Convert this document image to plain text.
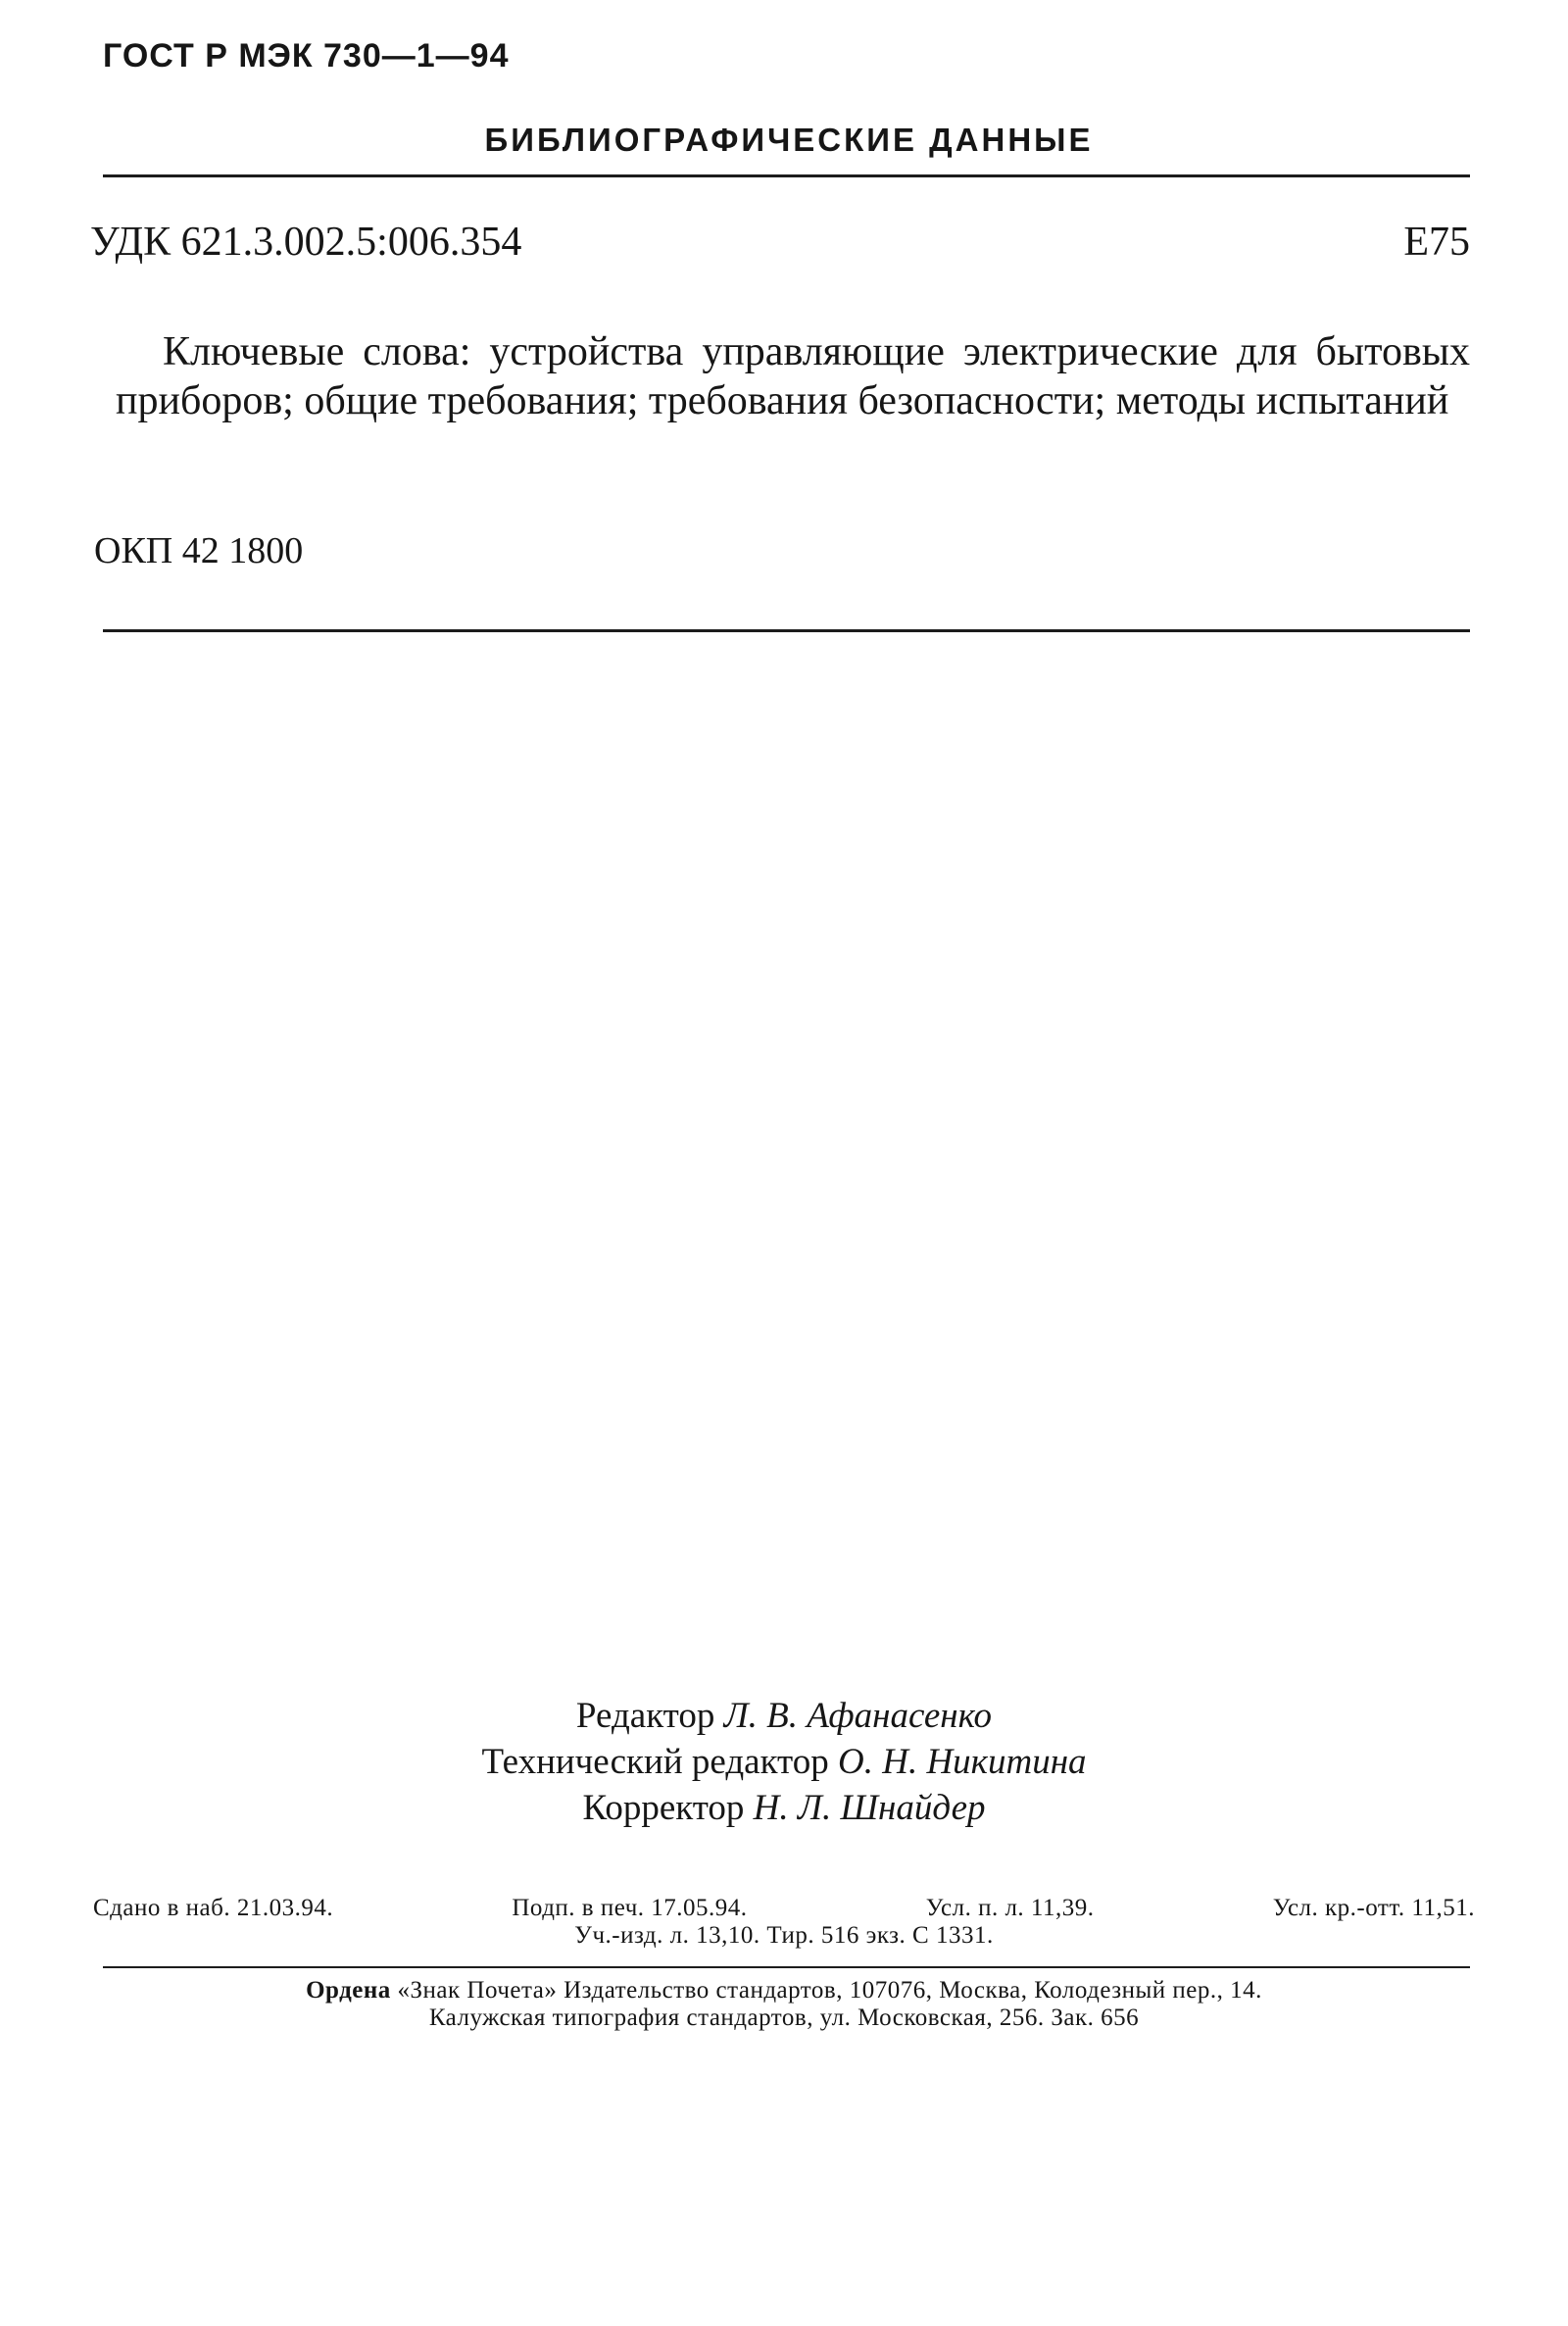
ГОСТ Р МЭК 730—1—94
БИБЛИОГРАФИЧЕСКИЕ ДАННЫЕ
УДК 621.3.002.5:006.354	Е75
Ключевые слова: устройства управляющие электрические для бытовых приборов; общие требования; требования безопасности; методы испытаний
ОКП 42 1800
Редактор Л. В. Афанасенко
Технический редактор О. Н. Никитина
Корректор Н. Л. Шнайдер
Сдано в наб. 21.03.94.	Подп. в печ. 17.05.94.	Усл. п. л. 11,39.	Усл. кр.-отт. 11,51.
Уч.-изд. л. 13,10. Тир. 516 экз. С 1331.
Ордена «Знак Почета» Издательство стандартов, 107076, Москва, Колодезный пер., 14.
Калужская типография стандартов, ул. Московская, 256. Зак. 656
